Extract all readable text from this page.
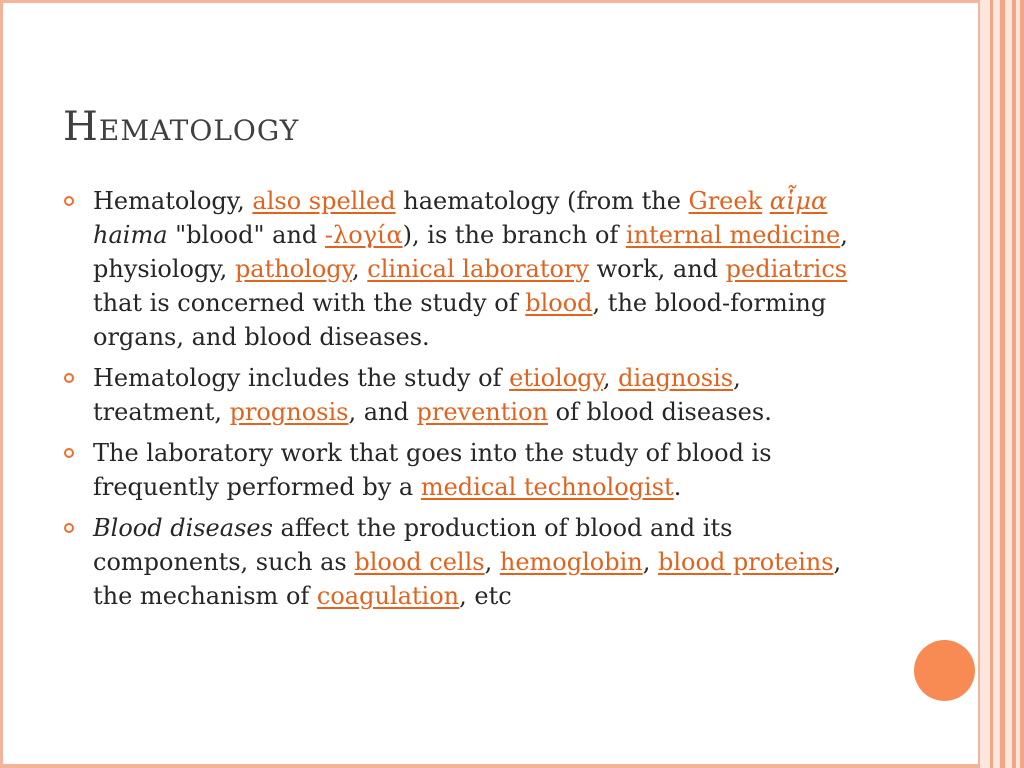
Hematology
Hematology, also spelled haematology (from the Greek αἷμα haima "blood" and -λογία), is the branch of internal medicine, physiology, pathology, clinical laboratory work, and pediatrics that is concerned with the study of blood, the blood-forming organs, and blood diseases.
Hematology includes the study of etiology, diagnosis, treatment, prognosis, and prevention of blood diseases.
The laboratory work that goes into the study of blood is frequently performed by a medical technologist.
Blood diseases affect the production of blood and its components, such as blood cells, hemoglobin, blood proteins, the mechanism of coagulation, etc
